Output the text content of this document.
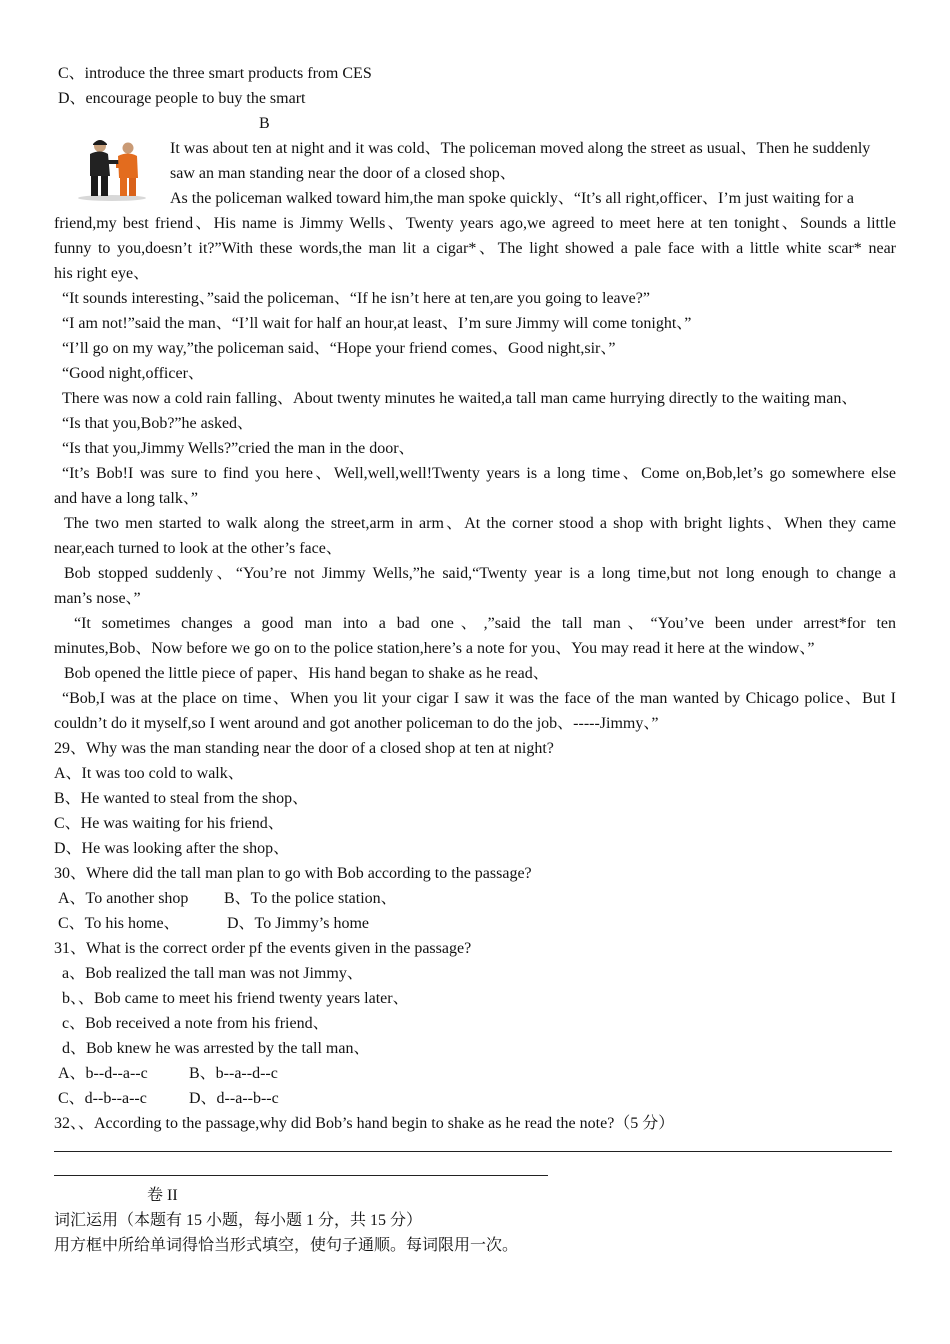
C、introduce the three smart products from CES
D、encourage people to buy the smart
B
It was about ten at night and it was cold、The policeman moved along the street as usual、Then he suddenly
saw an man standing near the door of a closed shop、
As the policeman walked toward him,the man spoke quickly、“It’s all right,officer、I’m just waiting for a
friend,my best friend、His name is Jimmy Wells、Twenty years ago,we agreed to meet here at ten tonight、Sounds a little
funny to you,doesn’t it?”With these words,the man lit a cigar*、The light showed a pale face with a little white scar* near
his right eye、
“It sounds interesting、”said the policeman、“If he isn’t here at ten,are you going to leave?”
“I am not!”said the man、“I’ll wait for half an hour,at least、I’m sure Jimmy will come tonight、”
“I’ll go on my way,”the policeman said、“Hope your friend comes、Good night,sir、”
“Good night,officer、
There was now a cold rain falling、About twenty minutes he waited,a tall man came hurrying directly to the waiting man、
“Is that you,Bob?”he asked、
“Is that you,Jimmy Wells?”cried the man in the door、
“It’s Bob!I was sure to find you here、Well,well,well!Twenty years is a long time、Come on,Bob,let’s go somewhere else
and have a long talk、”
The two men started to walk along the street,arm in arm、At the corner stood a shop with bright lights、When they came
near,each turned to look at the other’s face、
Bob stopped suddenly、“You’re not Jimmy Wells,”he said,“Twenty year is a long time,but not long enough to change a
man’s nose、”
“It sometimes changes a good man into a bad one、,”said the tall man、“You’ve been under arrest*for ten
minutes,Bob、Now before we go on to the police station,here’s a note for you、You may read it here at the window、”
Bob opened the little piece of paper、His hand began to shake as he read、
“Bob,I was at the place on time、When you lit your cigar I saw it was the face of the man wanted by Chicago police、But I
couldn’t do it myself,so I went around and got another policeman to do the job、-----Jimmy、”
29、Why was the man standing near the door of a closed shop at ten at night?
A、It was too cold to walk、
B、He wanted to steal from the shop、
C、He was waiting for his friend、
D、He was looking after the shop、
30、Where did the tall man plan to go with Bob according to the passage?
A、To another shop B、To the police station、
C、To his home、	D、To Jimmy’s home
31、What is the correct order pf the events given in the passage?
a、Bob realized the tall man was not Jimmy、
b、、Bob came to meet his friend twenty years later、
c、Bob received a note from his friend、
d、Bob knew he was arrested by the tall man、
A、b--d--a--c	B、b--a--d--c
C、d--b--a--c	D、d--a--b--c
32、、According to the passage,why did Bob’s hand begin to shake as he read the note?（5 分）
卷 II
词汇运用（本题有 15 小题，每小题 1 分，共 15 分）
用方框中所给单词得恰当形式填空，使句子通顺。每词限用一次。
